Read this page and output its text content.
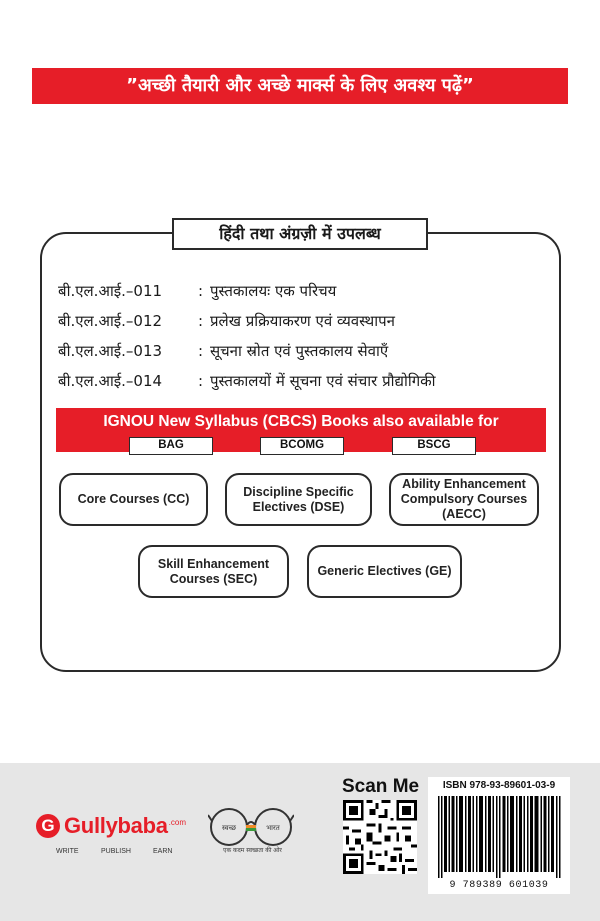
”अच्छी तैयारी और अच्छे मार्क्स के लिए अवश्य पढ़ें”
हिंदी तथा अंग्रज़ी में उपलब्ध
बी.एल.आई.–011	: पुस्तकालयः एक परिचय
बी.एल.आई.–012	: प्रलेख प्रक्रियाकरण एवं व्यवस्थापन
बी.एल.आई.–013	: सूचना स्रोत एवं पुस्तकालय सेवाएँ
बी.एल.आई.–014	: पुस्तकालयों में सूचना एवं संचार प्रौद्योगिकी
IGNOU New Syllabus (CBCS) Books also available for
BAG	BCOMG	BSCG
Core Courses (CC)
Discipline Specific Electives (DSE)
Ability Enhancement Compulsory Courses (AECC)
Skill Enhancement Courses (SEC)
Generic Electives (GE)
G Gullybaba .com
WRITE	PUBLISH	EARN
स्वच्छ	भारत
एक कदम स्वच्छता की ओर
Scan Me	ISBN 978-93-89601-03-9
9 789389 601039
